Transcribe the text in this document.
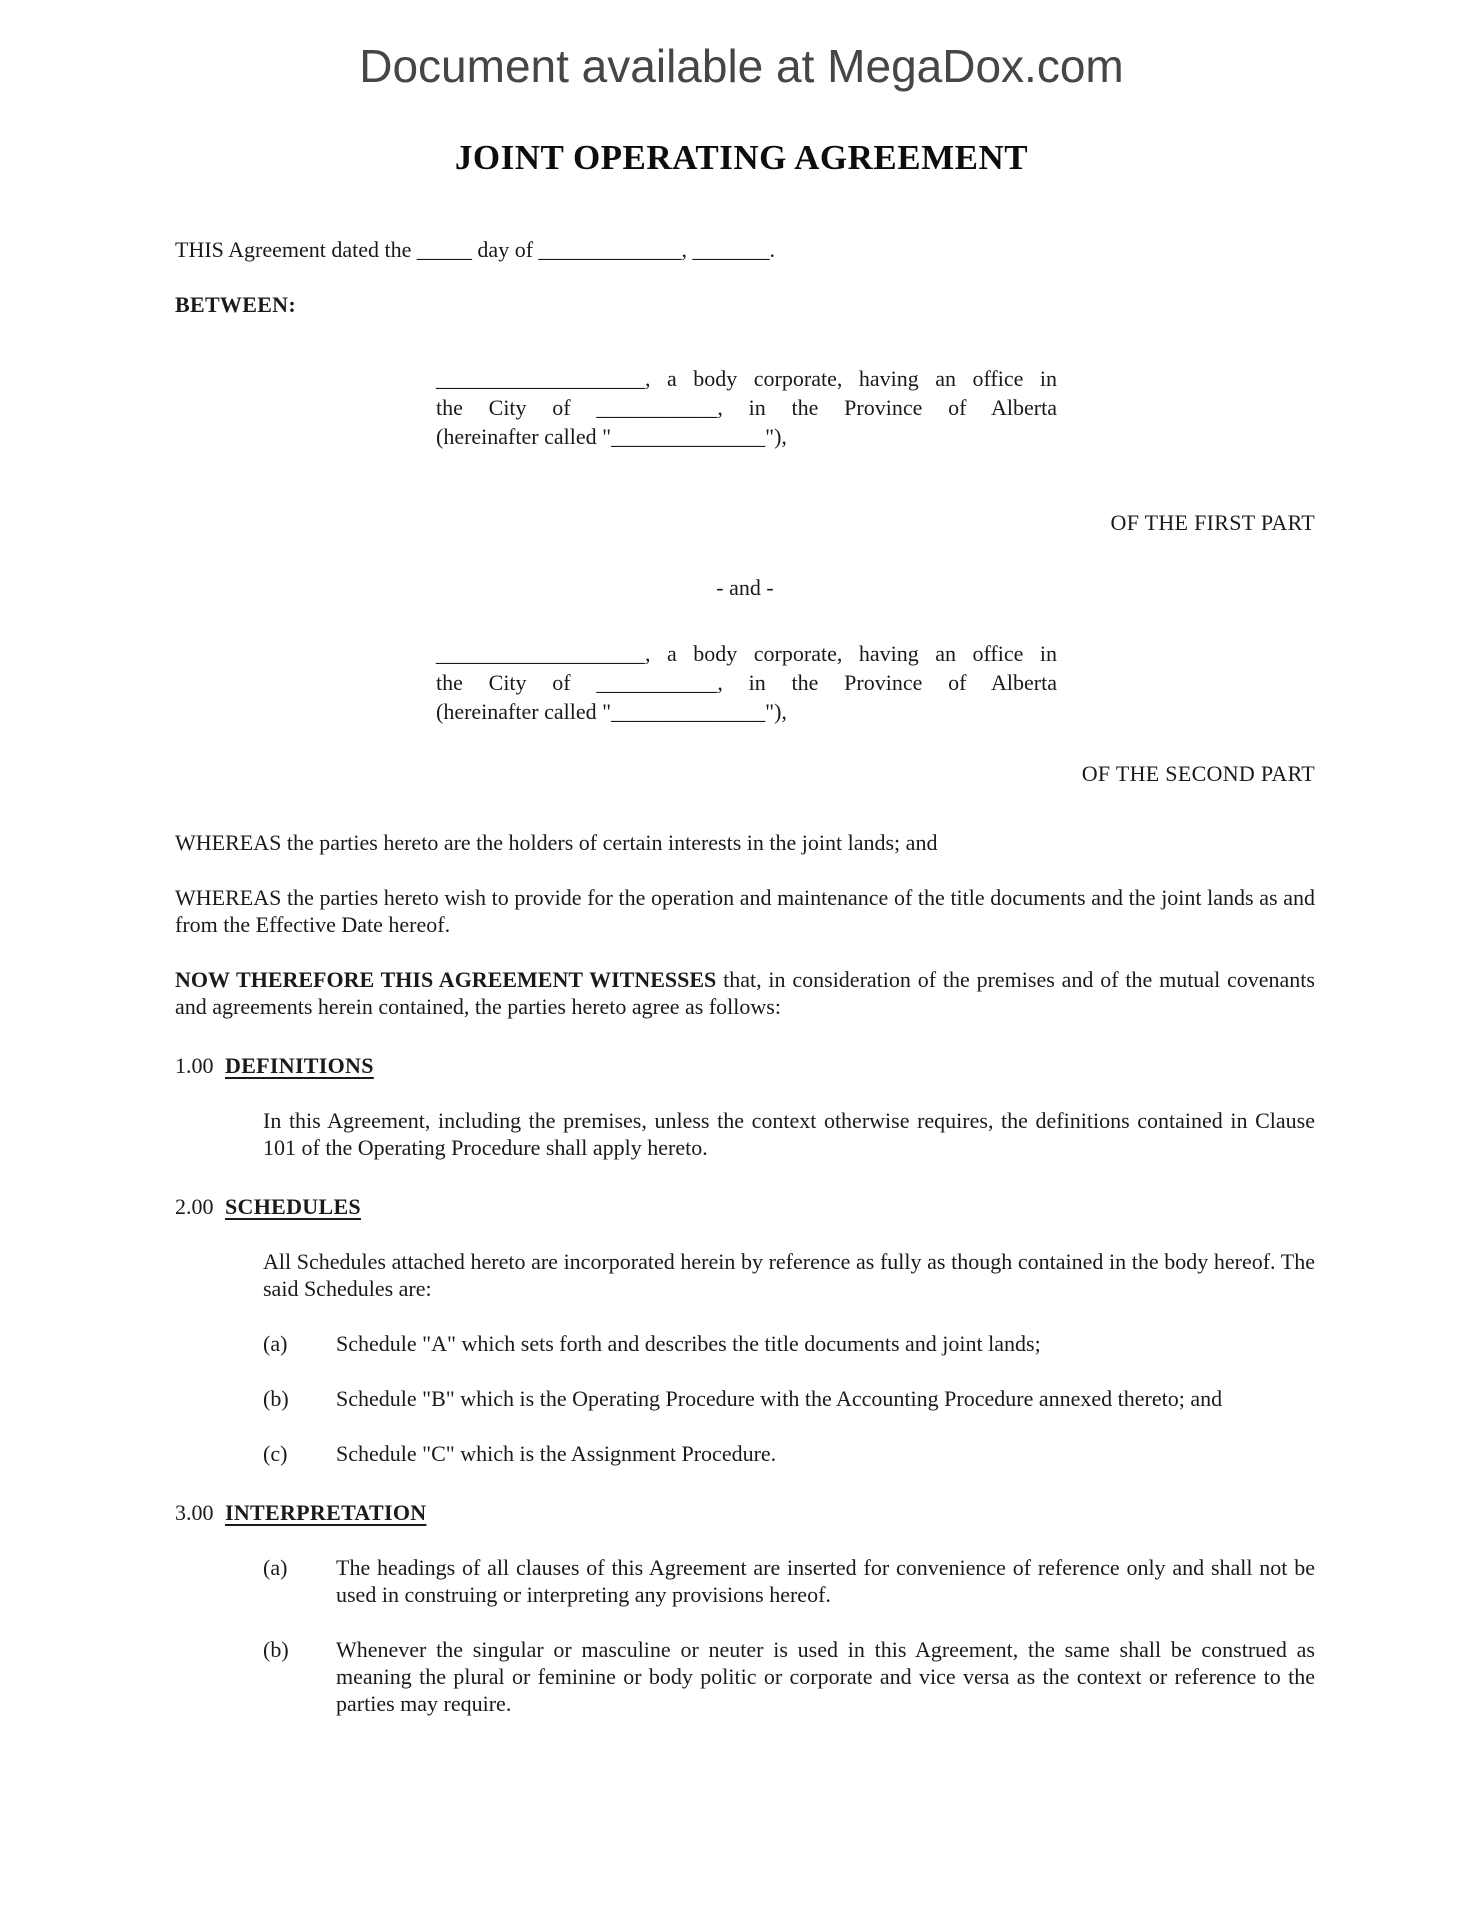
Document available at MegaDox.com
JOINT OPERATING AGREEMENT

THIS Agreement dated the _____ day of _____________, _______.

BETWEEN:

___________________, a body corporate, having an office in
the City of ___________, in the Province of Alberta
(hereinafter called "______________"),

OF THE FIRST PART

- and -

___________________, a body corporate, having an office in
the City of ___________, in the Province of Alberta
(hereinafter called "______________"),

OF THE SECOND PART

WHEREAS the parties hereto are the holders of certain interests in the joint lands; and

WHEREAS the parties hereto wish to provide for the operation and maintenance of the title documents and the joint lands as and from the Effective Date hereof.

NOW THEREFORE THIS AGREEMENT WITNESSES that, in consideration of the premises and of the mutual covenants and agreements herein contained, the parties hereto agree as follows:

1.00 DEFINITIONS

In this Agreement, including the premises, unless the context otherwise requires, the definitions contained in Clause 101 of the Operating Procedure shall apply hereto.

2.00 SCHEDULES

All Schedules attached hereto are incorporated herein by reference as fully as though contained in the body hereof. The said Schedules are:

(a)	Schedule "A" which sets forth and describes the title documents and joint lands;
(b)	Schedule "B" which is the Operating Procedure with the Accounting Procedure annexed thereto; and
(c)	Schedule "C" which is the Assignment Procedure.
3.00 INTERPRETATION
(a)	The headings of all clauses of this Agreement are inserted for convenience of reference only and shall not be used in construing or interpreting any provisions hereof.
(b)	Whenever the singular or masculine or neuter is used in this Agreement, the same shall be construed as meaning the plural or feminine or body politic or corporate and vice versa as the context or reference to the parties may require.
